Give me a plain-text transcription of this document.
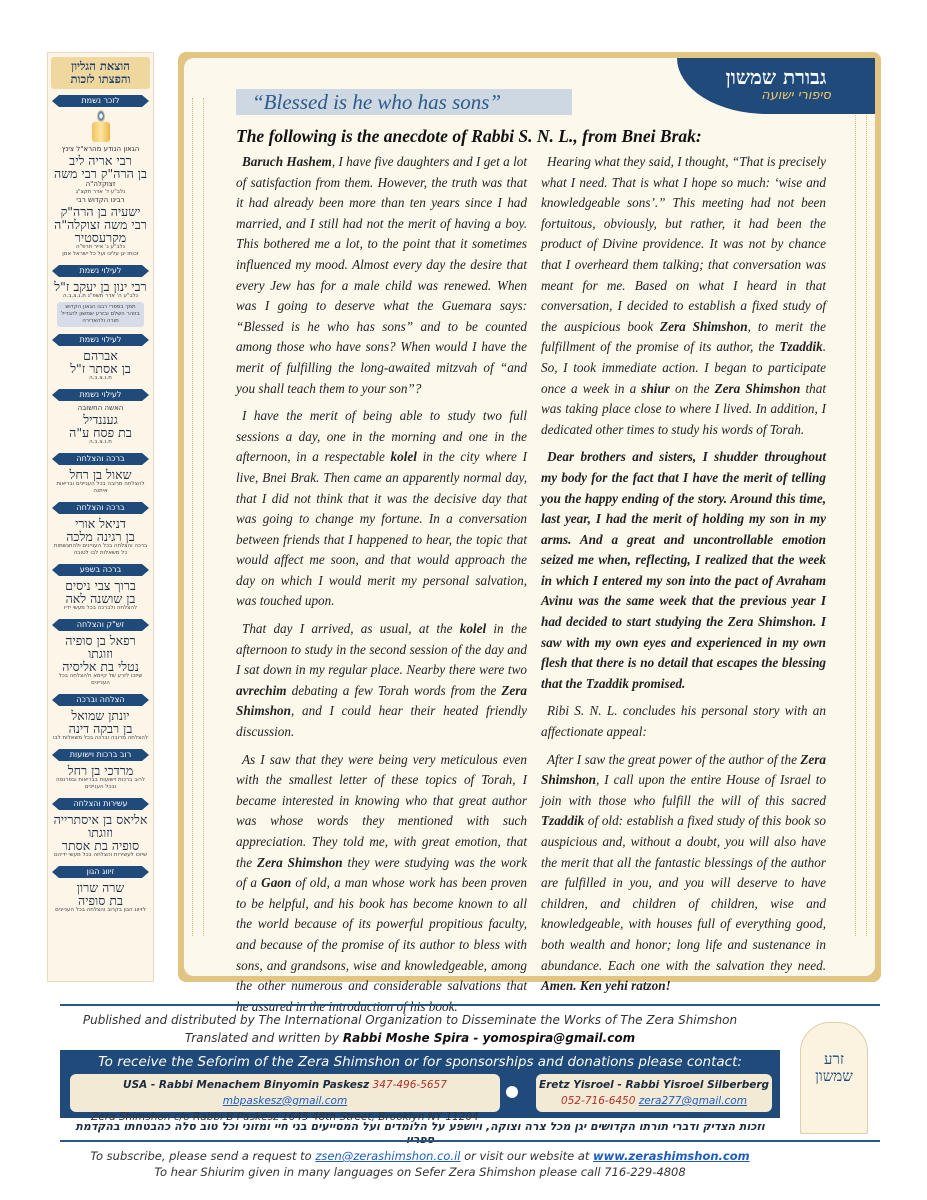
הוצאת הגליון
והפצתו לזכות
לזכר נשמת
הגאון הנודע מהרא"ל צינץ
רבי אריה ליב
בן הרה"ק רבי משה
זצוקלה"ה
נלב"ע ד' אדר תקצ"ג
רבינו הקדוש רבי
ישעיה בן הרה"ק
רבי משה זצוקלה"ה
מקרעסטיר
נלב"ע ג' אייר תרפ"ה
זכותו יגן עלינו ועל כל ישראל אמן
לעילוי נשמת
רבי ינון בן יעקב ז"ל
נלב"ע ה' אדר תשפ"ג ת.נ.צ.ב.ה
תמך בספרי רבנו הגאון הקדוש בזוהר השלם ובזרע שמשון להגדיל תורה ולהאדירה
לעילוי נשמת
אברהם
בן אסתר ז"ל
ת.נ.צ.ב.ה
לעילוי נשמת
האשה החשובה
געננדיל
בת פסח ע"ה
ת.נ.צ.ב.ה
ברכה והצלחה
שאול בן רחל
להצלחה מרובה בכל העניינים ובריאות איתנה
ברכה והצלחה
דניאל אורי
בן רגינה מלכה
ברכה והצלחה בכל העניינים ולהתגשמות כל משאלות לבו לטובה
ברכה בשפע
ברוך צבי ניסים
בן שושנה לאה
להצלחה ולברכה בכל מעשי ידיו
זש"ק והצלחה
רפאל בן סופיה
וזוגתו
נטלי בת אליסיה
שיזכו לזרע של קיימא ולהצלחה בכל העניינים
הצלחה וברכה
יונתן שמואל
בן רבקה דינה
להצלחה מרובה וברכה בכל משאלות לבו
רוב ברכות וישועות
מרדכי בן רחל
לרוב ברכות וישועות בבריאות ובפרנסה ובכל העניינים
עשירות והצלחה
אליאס בן איסתרייה
וזוגתו
סופיה בת אסתר
שיזכו לעשירות והצלחה בכל מעשי ידיהם
זיווג הגון
שרה שרון
בת סופיה
לזיווג הגון בקרוב והצלחה בכל העניינים
גבורת שמשון
סיפורי ישועה
“Blessed is he who has sons”
The following is the anecdote of Rabbi S. N. L., from Bnei Brak:

Baruch Hashem, I have five daughters and I get a lot of satisfaction from them. However, the truth was that it had already been more than ten years since I had married, and I still had not the merit of having a boy. This bothered me a lot, to the point that it sometimes influenced my mood. Almost every day the desire that every Jew has for a male child was renewed. When was I going to deserve what the Guemara says: “Blessed is he who has sons” and to be counted among those who have sons? When would I have the merit of fulfilling the long-awaited mitzvah of “and you shall teach them to your son”?

I have the merit of being able to study two full sessions a day, one in the morning and one in the afternoon, in a respectable kolel in the city where I live, Bnei Brak. Then came an apparently normal day, that I did not think that it was the decisive day that was going to change my fortune. In a conversation between friends that I happened to hear, the topic that would affect me soon, and that would approach the day on which I would merit my personal salvation, was touched upon.

That day I arrived, as usual, at the kolel in the afternoon to study in the second session of the day and I sat down in my regular place. Nearby there were two avrechim debating a few Torah words from the Zera Shimshon, and I could hear their heated friendly discussion.

As I saw that they were being very meticulous even with the smallest letter of these topics of Torah, I became interested in knowing who that great author was whose words they mentioned with such appreciation. They told me, with great emotion, that the Zera Shimshon they were studying was the work of a Gaon of old, a man whose work has been proven to be helpful, and his book has become known to all the world because of its powerful propitious faculty, and because of the promise of its author to bless with sons, and grandsons, wise and knowledgeable, among the other numerous and considerable salvations that he assured in the introduction of his book.

Hearing what they said, I thought, “That is precisely what I need. That is what I hope so much: ‘wise and knowledgeable sons’.” This meeting had not been fortuitous, obviously, but rather, it had been the product of Divine providence. It was not by chance that I overheard them talking; that conversation was meant for me. Based on what I heard in that conversation, I decided to establish a fixed study of the auspicious book Zera Shimshon, to merit the fulfillment of the promise of its author, the Tzaddik. So, I took immediate action. I began to participate once a week in a shiur on the Zera Shimshon that was taking place close to where I lived. In addition, I dedicated other times to study his words of Torah.

Dear brothers and sisters, I shudder throughout my body for the fact that I have the merit of telling you the happy ending of the story. Around this time, last year, I had the merit of holding my son in my arms. And a great and uncontrollable emotion seized me when, reflecting, I realized that the week in which I entered my son into the pact of Avraham Avinu was the same week that the previous year I had decided to start studying the Zera Shimshon. I saw with my own eyes and experienced in my own flesh that there is no detail that escapes the blessing that the Tzaddik promised.

Ribi S. N. L. concludes his personal story with an affectionate appeal:

After I saw the great power of the author of the Zera Shimshon, I call upon the entire House of Israel to join with those who fulfill the will of this sacred Tzaddik of old: establish a fixed study of this book so auspicious and, without a doubt, you will also have the merit that all the fantastic blessings of the author are fulfilled in you, and you will deserve to have children, and children of children, wise and knowledgeable, with houses full of everything good, both wealth and honor; long life and sustenance in abundance. Each one with the salvation they need. Amen. Ken yehi ratzon!

Published and distributed by The International Organization to Disseminate the Works of The Zera Shimshon
Translated and written by Rabbi Moshe Spira - yomospira@gmail.com
To receive the Seforim of the Zera Shimshon or for sponsorships and donations please contact:
USA - Rabbi Menachem Binyomin Paskesz 347-496-5657 mbpaskesz@gmail.com
Zera Shimshon c/o Rabbi B Paskesz 1645 48th Street, Brooklyn NY 11204
Eretz Yisroel - Rabbi Yisroel Silberberg
052-716-6450 zera277@gmail.com
וזכות הצדיק ודברי תורתו הקדושים יגן מכל צרה וצוקה, ויושפע על הלומדים ועל המסייעים בני חיי ומזוני וכל טוב סלה כהבטחתו בהקדמת ספריו
זרע
שמשון
To subscribe, please send a request to zsen@zerashimshon.co.il or visit our website at www.zerashimshon.com
To hear Shiurim given in many languages on Sefer Zera Shimshon please call 716-229-4808
